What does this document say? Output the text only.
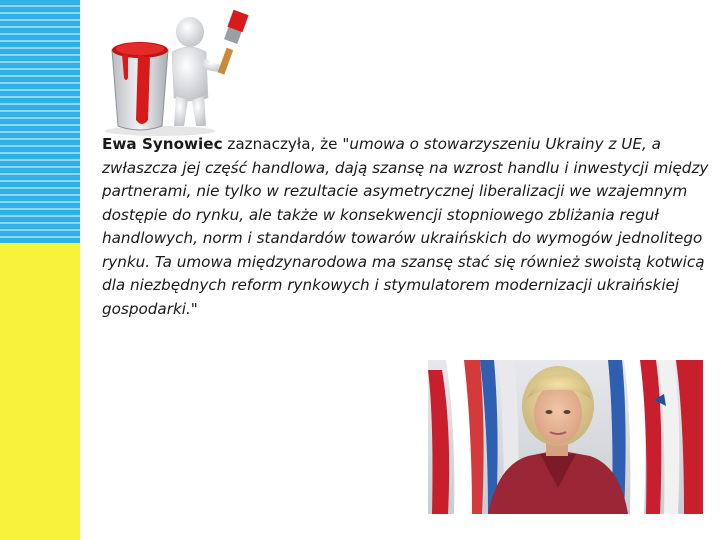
Ewa Synowiec zaznaczyła, że "umowa o stowarzyszeniu Ukrainy z UE, a zwłaszcza jej część handlowa, dają szansę na wzrost handlu i inwestycji między partnerami, nie tylko w rezultacie asymetrycznej liberalizacji we wzajemnym dostępie do rynku, ale także w konsekwencji stopniowego zbliżania reguł handlowych, norm i standardów towarów ukraińskich do wymogów jednolitego rynku. Ta umowa międzynarodowa ma szansę stać się również swoistą kotwicą dla niezbędnych reform rynkowych i stymulatorem modernizacji ukraińskiej gospodarki."
